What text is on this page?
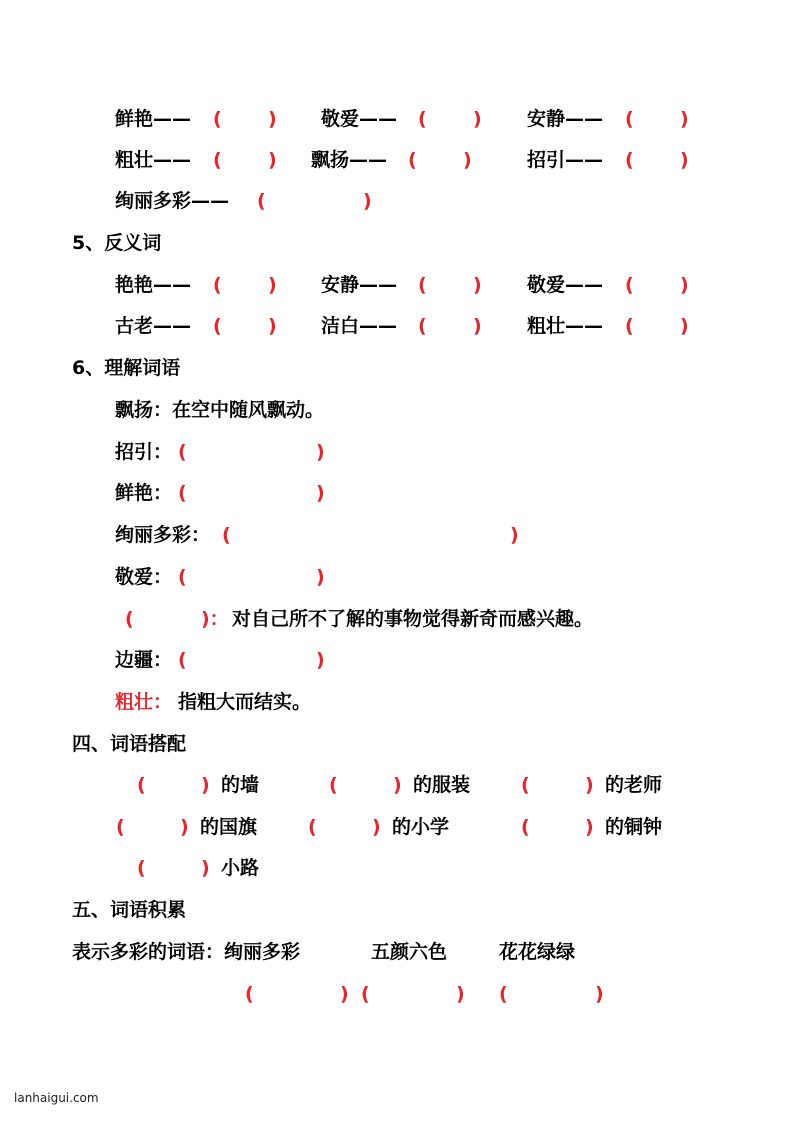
鲜艳—— ( ) 敬爱—— ( ) 安静—— ( )
粗壮—— ( ) 飘扬—— ( )	招引—— ( )
绚丽多彩—— (	)
5、反义词
艳艳—— ( ) 安静—— ( ) 敬爱—— ( )
古老—— ( ) 洁白—— ( ) 粗壮—— ( )
6、理解词语
飘扬：在空中随风飘动。
招引： (	)
鲜艳： (	)
绚丽多彩： (	)
敬爱： (	)
(	)： 对自己所不了解的事物觉得新奇而感兴趣。
边疆： (	)
粗壮： 指粗大而结实。
四、词语搭配
(	) 的墙	(	) 的服装	(	) 的老师
(	) 的国旗	(	) 的小学	(	) 的铜钟
(	) 小路
五、词语积累
表示多彩的词语：绚丽多彩	五颜六色	花花绿绿
(	) (	) (	)
lanhaigui.com
